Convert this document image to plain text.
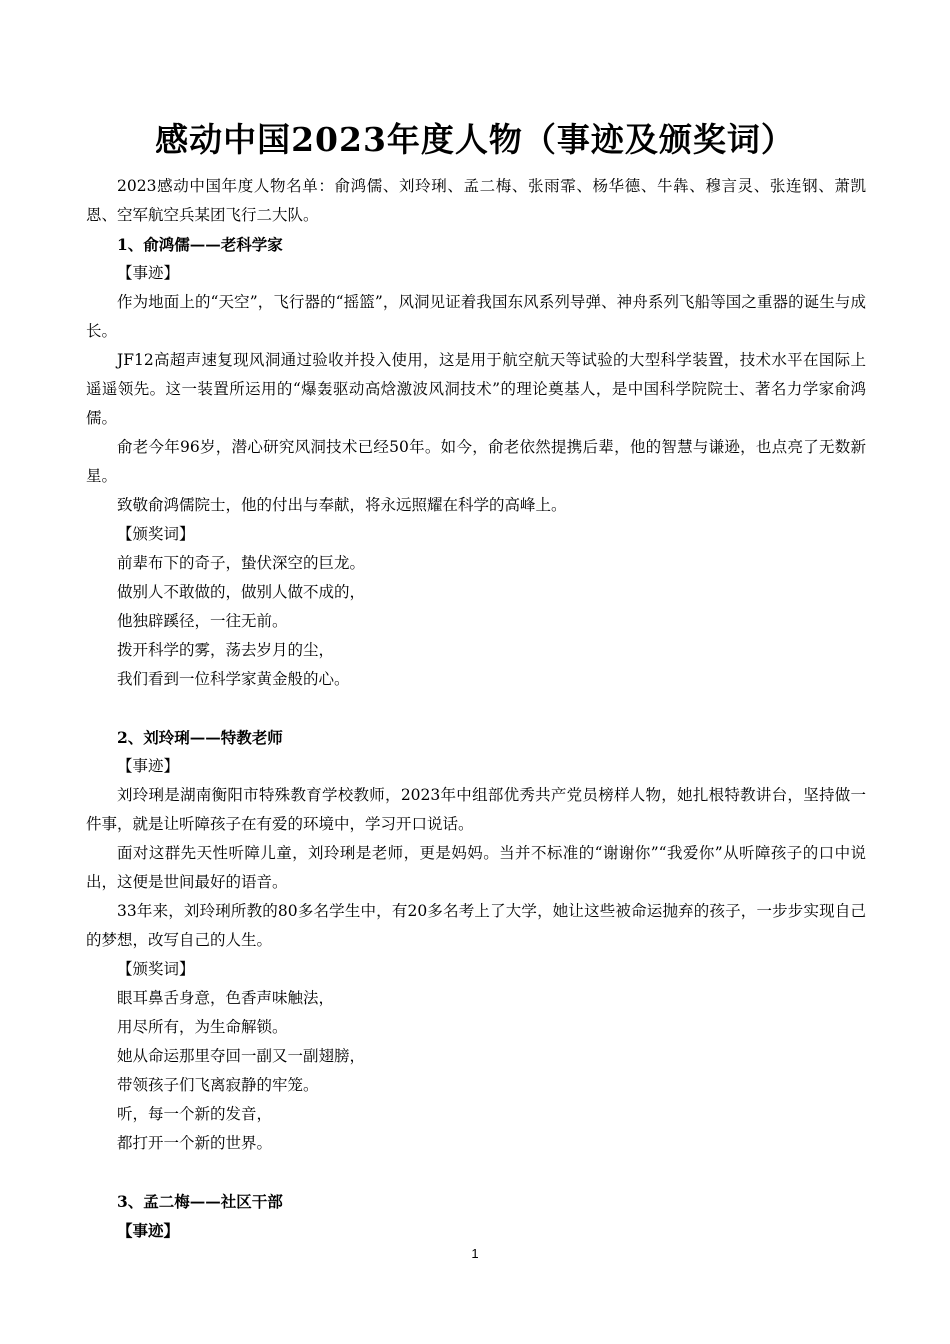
感动中国2023年度人物（事迹及颁奖词）

2023感动中国年度人物名单：俞鸿儒、刘玲琍、孟二梅、张雨霏、杨华德、牛犇、穆言灵、张连钢、萧凯恩、空军航空兵某团飞行二大队。

1、俞鸿儒——老科学家

【事迹】

作为地面上的“天空”，飞行器的“摇篮”，风洞见证着我国东风系列导弹、神舟系列飞船等国之重器的诞生与成长。

JF12高超声速复现风洞通过验收并投入使用，这是用于航空航天等试验的大型科学装置，技术水平在国际上遥遥领先。这一装置所运用的“爆轰驱动高焓激波风洞技术”的理论奠基人，是中国科学院院士、著名力学家俞鸿儒。

俞老今年96岁，潜心研究风洞技术已经50年。如今，俞老依然提携后辈，他的智慧与谦逊，也点亮了无数新星。

致敬俞鸿儒院士，他的付出与奉献，将永远照耀在科学的高峰上。

【颁奖词】

前辈布下的奇子，蛰伏深空的巨龙。

做别人不敢做的，做别人做不成的，

他独辟蹊径，一往无前。

拨开科学的雾，荡去岁月的尘，

我们看到一位科学家黄金般的心。

2、刘玲琍——特教老师

【事迹】

刘玲琍是湖南衡阳市特殊教育学校教师，2023年中组部优秀共产党员榜样人物，她扎根特教讲台，坚持做一件事，就是让听障孩子在有爱的环境中，学习开口说话。

面对这群先天性听障儿童，刘玲琍是老师，更是妈妈。当并不标准的“谢谢你”“我爱你”从听障孩子的口中说出，这便是世间最好的语音。

33年来，刘玲琍所教的80多名学生中，有20多名考上了大学，她让这些被命运抛弃的孩子，一步步实现自己的梦想，改写自己的人生。

【颁奖词】

眼耳鼻舌身意，色香声味触法，

用尽所有，为生命解锁。

她从命运那里夺回一副又一副翅膀，

带领孩子们飞离寂静的牢笼。

听，每一个新的发音，

都打开一个新的世界。

3、孟二梅——社区干部

【事迹】

1
